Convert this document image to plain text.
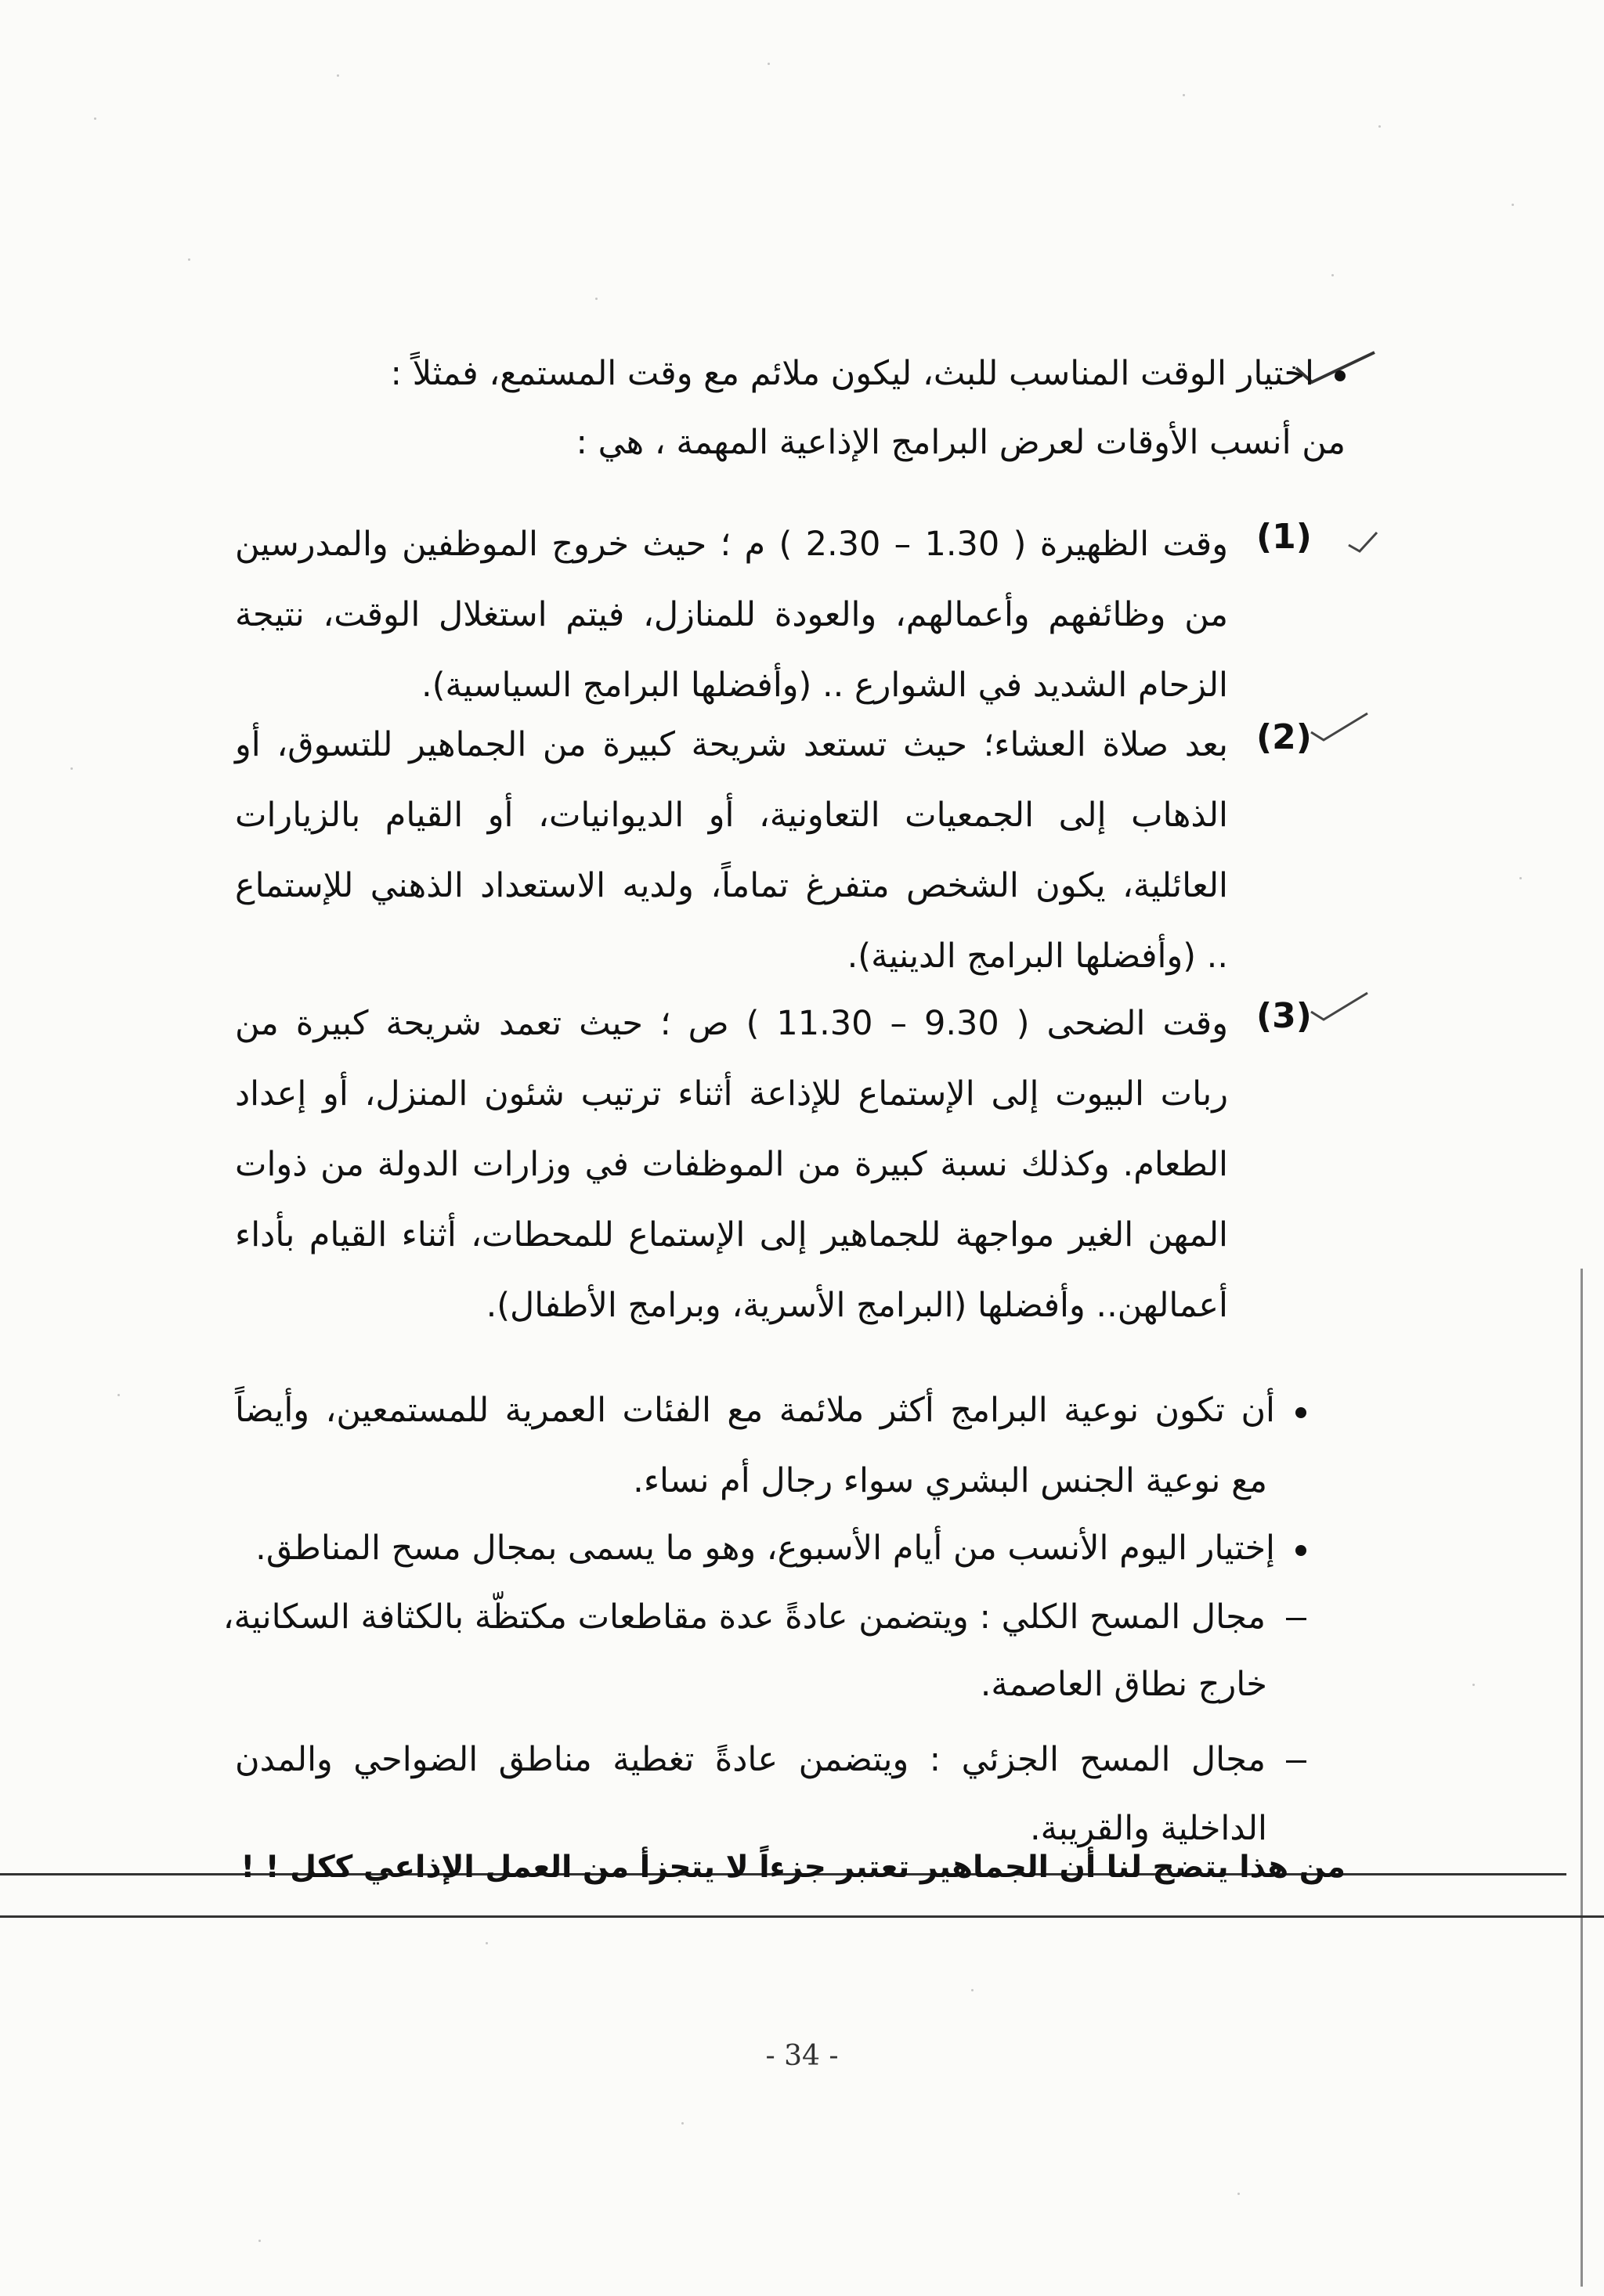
اختيار الوقت المناسب للبث، ليكون ملائم مع وقت المستمع، فمثلاً :
من أنسب الأوقات لعرض البرامج الإذاعية المهمة ، هي :
(1)
وقت الظهيرة ( 1.30 – 2.30 ) م ؛ حيث خروج الموظفين والمدرسين
من وظائفهم وأعمالهم، والعودة للمنازل، فيتم استغلال الوقت، نتيجة
الزحام الشديد في الشوارع .. (وأفضلها البرامج السياسية).
(2)
بعد صلاة العشاء؛ حيث تستعد شريحة كبيرة من الجماهير للتسوق، أو
الذهاب إلى الجمعيات التعاونية، أو الديوانيات، أو القيام بالزيارات
العائلية، يكون الشخص متفرغ تماماً، ولديه الاستعداد الذهني للإستماع
.. (وأفضلها البرامج الدينية).
(3)
وقت الضحى ( 9.30 – 11.30 ) ص ؛ حيث تعمد شريحة كبيرة من
ربات البيوت إلى الإستماع للإذاعة أثناء ترتيب شئون المنزل، أو إعداد
الطعام. وكذلك نسبة كبيرة من الموظفات في وزارات الدولة من ذوات
المهن الغير مواجهة للجماهير إلى الإستماع للمحطات، أثناء القيام بأداء
أعمالهن.. وأفضلها (البرامج الأسرية، وبرامج الأطفال).
أن تكون نوعية البرامج أكثر ملائمة مع الفئات العمرية للمستمعين، وأيضاً
مع نوعية الجنس البشري سواء رجال أم نساء.
إختيار اليوم الأنسب من أيام الأسبوع، وهو ما يسمى بمجال مسح المناطق.
مجال المسح الكلي : ويتضمن عادةً عدة مقاطعات مكتظّة بالكثافة السكانية،
خارج نطاق العاصمة.
مجال المسح الجزئي : ويتضمن عادةً تغطية مناطق الضواحي والمدن
الداخلية والقريبة.
من هذا يتضح لنا أن الجماهير تعتبر جزءاً لا يتجزأ من العمل الإذاعي ككل ! !
- 34 -
